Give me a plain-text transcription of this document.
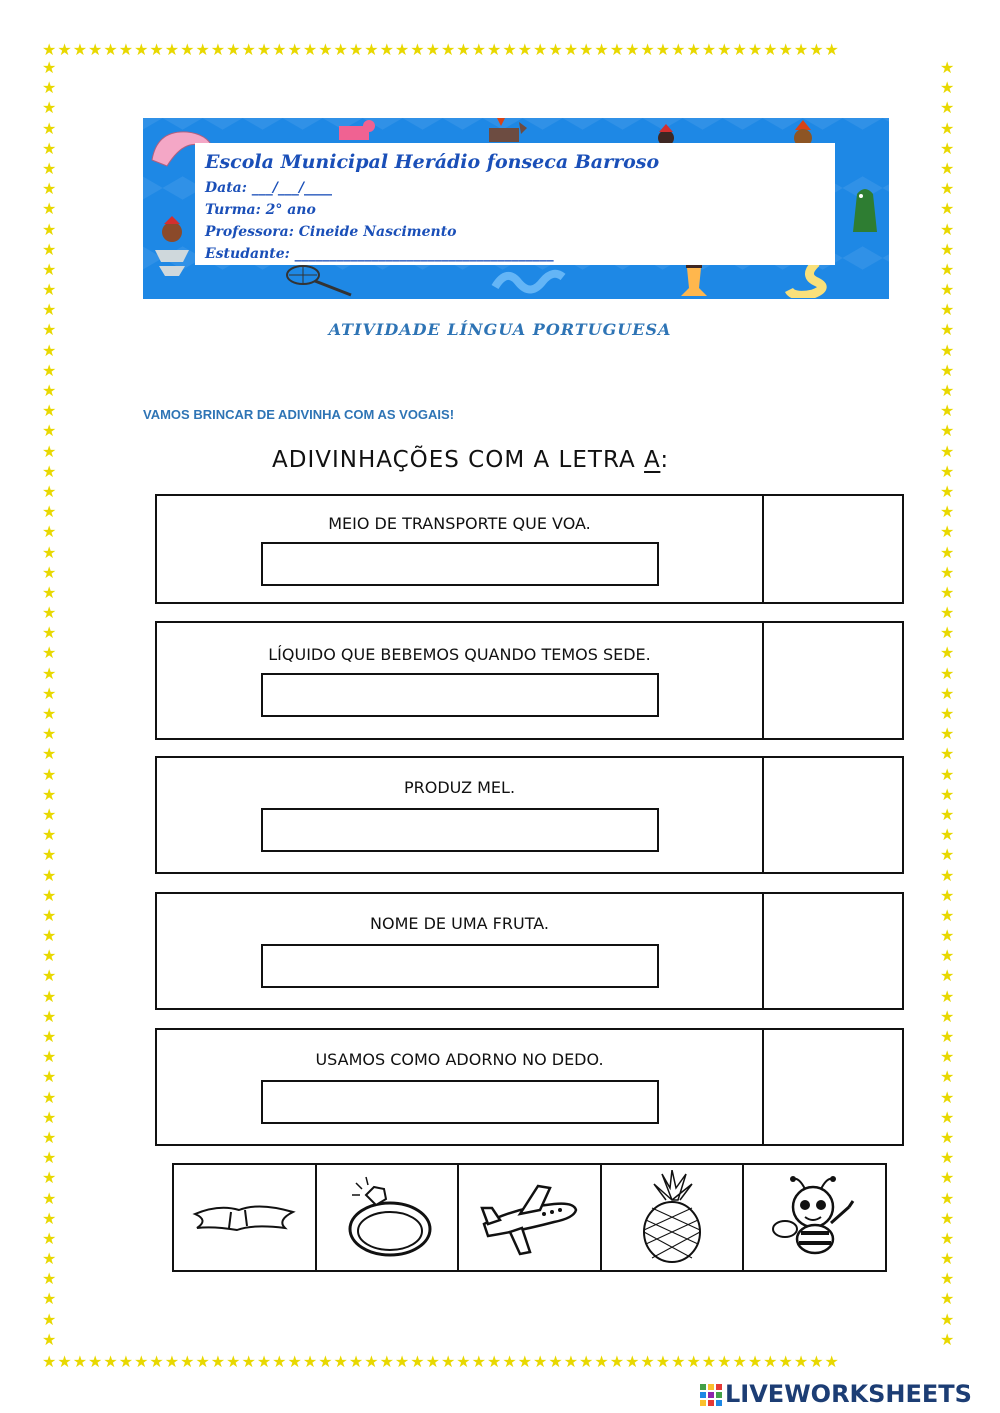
★★★★★★★★★★★★★★★★★★★★★★★★★★★★★★★★★★★★★★★★★★★★★★★★★★★★
★★★★★★★★★★★★★★★★★★★★★★★★★★★★★★★★★★★★★★★★★★★★★★★★★★★★
★
★
★
★
★
★
★
★
★
★
★
★
★
★
★
★
★
★
★
★
★
★
★
★
★
★
★
★
★
★
★
★
★
★
★
★
★
★
★
★
★
★
★
★
★
★
★
★
★
★
★
★
★
★
★
★
★
★
★
★
★
★
★
★
★
★
★
★
★
★
★
★
★
★
★
★
★
★
★
★
★
★
★
★
★
★
★
★
★
★
★
★
★
★
★
★
★
★
★
★
★
★
★
★
★
★
★
★
★
★
★
★
★
★
★
★
★
★
★
★
★
★
★
★
★
★
★
★
Escola Municipal Herádio fonseca Barroso
Data: ___/___/____
Turma: 2° ano
Professora: Cineide Nascimento
Estudante: _____________________________________
ATIVIDADE LÍNGUA PORTUGUESA
VAMOS BRINCAR DE ADIVINHA COM AS VOGAIS!
ADIVINHAÇÕES COM A LETRA A:
MEIO DE TRANSPORTE QUE VOA.
LÍQUIDO QUE BEBEMOS QUANDO TEMOS SEDE.
PRODUZ MEL.
NOME DE UMA FRUTA.
USAMOS COMO ADORNO NO DEDO.
LIVEWORKSHEETS
